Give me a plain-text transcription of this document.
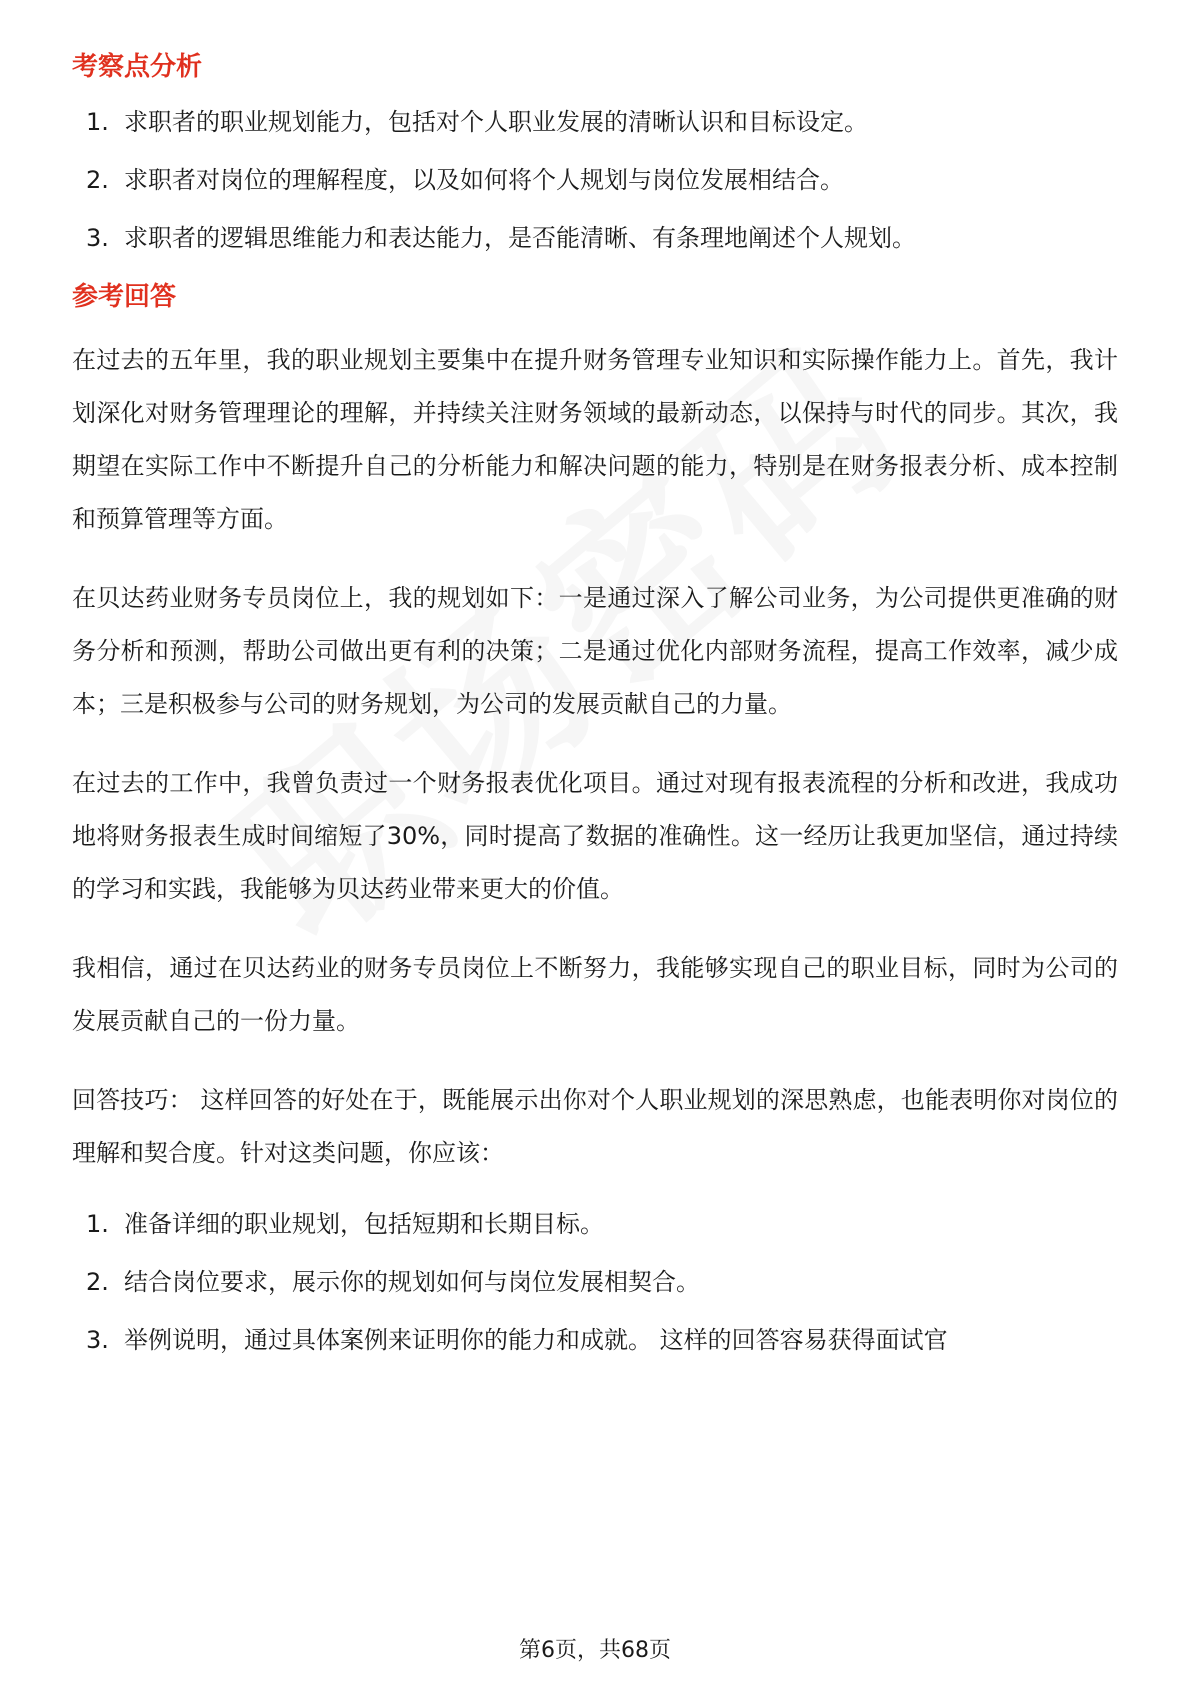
考察点分析
1. 求职者的职业规划能力，包括对个人职业发展的清晰认识和目标设定。
2. 求职者对岗位的理解程度，以及如何将个人规划与岗位发展相结合。
3. 求职者的逻辑思维能力和表达能力，是否能清晰、有条理地阐述个人规划。
参考回答

在过去的五年里，我的职业规划主要集中在提升财务管理专业知识和实际操作能力上。首先，我计划深化对财务管理理论的理解，并持续关注财务领域的最新动态，以保持与时代的同步。其次，我期望在实际工作中不断提升自己的分析能力和解决问题的能力，特别是在财务报表分析、成本控制和预算管理等方面。

在贝达药业财务专员岗位上，我的规划如下：一是通过深入了解公司业务，为公司提供更准确的财务分析和预测，帮助公司做出更有利的决策；二是通过优化内部财务流程，提高工作效率，减少成本；三是积极参与公司的财务规划，为公司的发展贡献自己的力量。

在过去的工作中，我曾负责过一个财务报表优化项目。通过对现有报表流程的分析和改进，我成功地将财务报表生成时间缩短了30%，同时提高了数据的准确性。这一经历让我更加坚信，通过持续的学习和实践，我能够为贝达药业带来更大的价值。

我相信，通过在贝达药业的财务专员岗位上不断努力，我能够实现自己的职业目标，同时为公司的发展贡献自己的一份力量。

回答技巧： 这样回答的好处在于，既能展示出你对个人职业规划的深思熟虑，也能表明你对岗位的理解和契合度。针对这类问题，你应该：

1. 准备详细的职业规划，包括短期和长期目标。
2. 结合岗位要求，展示你的规划如何与岗位发展相契合。
3. 举例说明，通过具体案例来证明你的能力和成就。 这样的回答容易获得面试官
第6页，共68页
